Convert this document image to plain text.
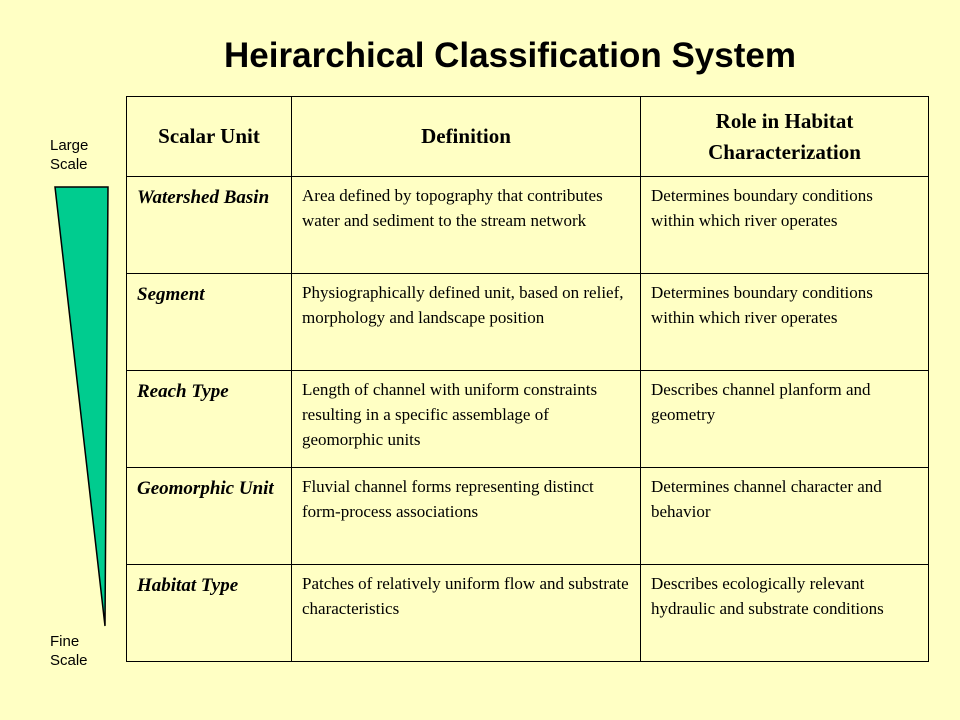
Heirarchical Classification System
Large Scale
Fine Scale
Scalar Unit	Definition	Role in Habitat Characterization
Watershed Basin	Area defined by topography that contributes water and sediment to the stream network	Determines boundary conditions within which river operates
Segment	Physiographically defined unit, based on relief, morphology and landscape position	Determines boundary conditions within which river operates
Reach Type	Length of channel with uniform constraints resulting in a specific assemblage of geomorphic units	Describes channel planform and geometry
Geomorphic Unit	Fluvial channel forms representing distinct form-process associations	Determines channel character and behavior
Habitat Type	Patches of relatively uniform flow and substrate characteristics	Describes ecologically relevant hydraulic and substrate conditions
